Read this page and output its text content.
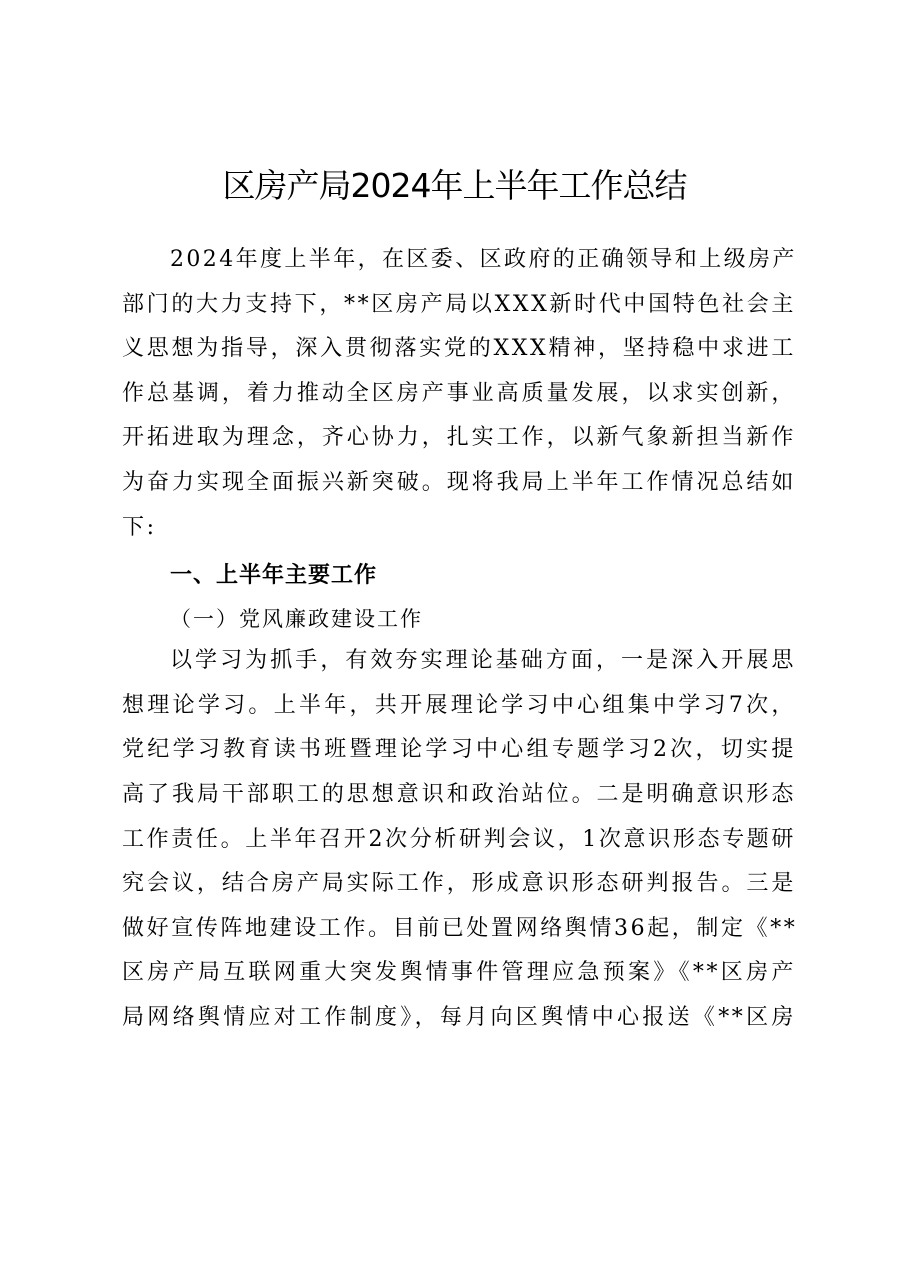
区房产局2024年上半年工作总结
2024年度上半年，在区委、区政府的正确领导和上级房产
部门的大力支持下，**区房产局以XXX新时代中国特色社会主
义思想为指导，深入贯彻落实党的XXX精神，坚持稳中求进工
作总基调，着力推动全区房产事业高质量发展，以求实创新，
开拓进取为理念，齐心协力，扎实工作，以新气象新担当新作
为奋力实现全面振兴新突破。现将我局上半年工作情况总结如
下:
一、上半年主要工作
（一）党风廉政建设工作
以学习为抓手，有效夯实理论基础方面，一是深入开展思
想理论学习。上半年，共开展理论学习中心组集中学习7次，
党纪学习教育读书班暨理论学习中心组专题学习2次，切实提
高了我局干部职工的思想意识和政治站位。二是明确意识形态
工作责任。上半年召开2次分析研判会议，1次意识形态专题研
究会议，结合房产局实际工作，形成意识形态研判报告。三是
做好宣传阵地建设工作。目前已处置网络舆情36起，制定《**
区房产局互联网重大突发舆情事件管理应急预案》《**区房产
局网络舆情应对工作制度》，每月向区舆情中心报送《**区房
